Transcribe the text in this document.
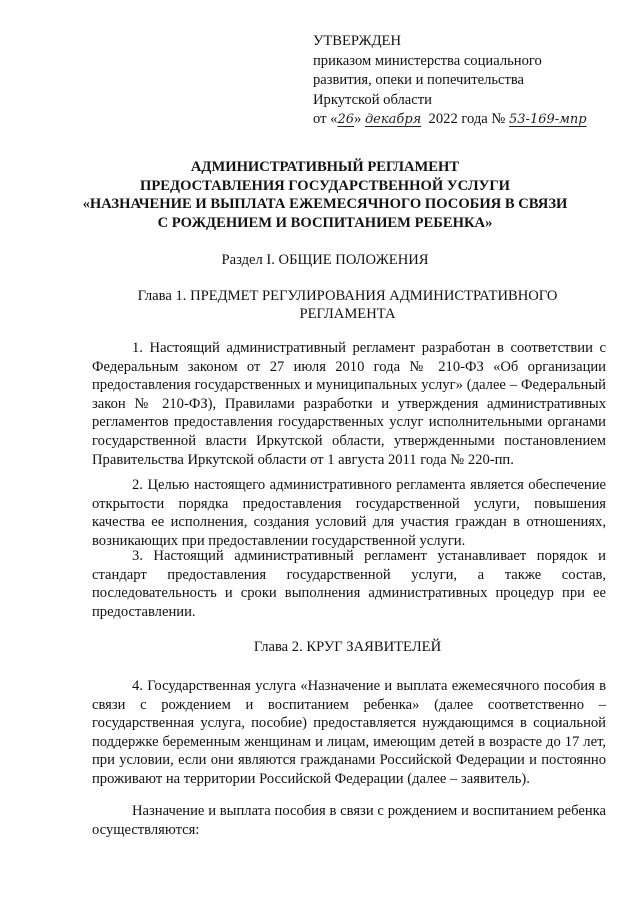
УТВЕРЖДЕН
приказом министерства социального
развития, опеки и попечительства
Иркутской области
от «26» декабря 2022 года № 53-169-мпр
АДМИНИСТРАТИВНЫЙ РЕГЛАМЕНТ
ПРЕДОСТАВЛЕНИЯ ГОСУДАРСТВЕННОЙ УСЛУГИ
«НАЗНАЧЕНИЕ И ВЫПЛАТА ЕЖЕМЕСЯЧНОГО ПОСОБИЯ В СВЯЗИ
С РОЖДЕНИЕМ И ВОСПИТАНИЕМ РЕБЕНКА»
Раздел I. ОБЩИЕ ПОЛОЖЕНИЯ
Глава 1. ПРЕДМЕТ РЕГУЛИРОВАНИЯ АДМИНИСТРАТИВНОГО РЕГЛАМЕНТА
1. Настоящий административный регламент разработан в соответствии с Федеральным законом от 27 июля 2010 года № 210-ФЗ «Об организации предоставления государственных и муниципальных услуг» (далее – Федеральный закон № 210-ФЗ), Правилами разработки и утверждения административных регламентов предоставления государственных услуг исполнительными органами государственной власти Иркутской области, утвержденными постановлением Правительства Иркутской области от 1 августа 2011 года № 220-пп.
2. Целью настоящего административного регламента является обеспечение открытости порядка предоставления государственной услуги, повышения качества ее исполнения, создания условий для участия граждан в отношениях, возникающих при предоставлении государственной услуги.
3. Настоящий административный регламент устанавливает порядок и стандарт предоставления государственной услуги, а также состав, последовательность и сроки выполнения административных процедур при ее предоставлении.
Глава 2. КРУГ ЗАЯВИТЕЛЕЙ
4. Государственная услуга «Назначение и выплата ежемесячного пособия в связи с рождением и воспитанием ребенка» (далее соответственно – государственная услуга, пособие) предоставляется нуждающимся в социальной поддержке беременным женщинам и лицам, имеющим детей в возрасте до 17 лет, при условии, если они являются гражданами Российской Федерации и постоянно проживают на территории Российской Федерации (далее – заявитель).
Назначение и выплата пособия в связи с рождением и воспитанием ребенка осуществляются:
